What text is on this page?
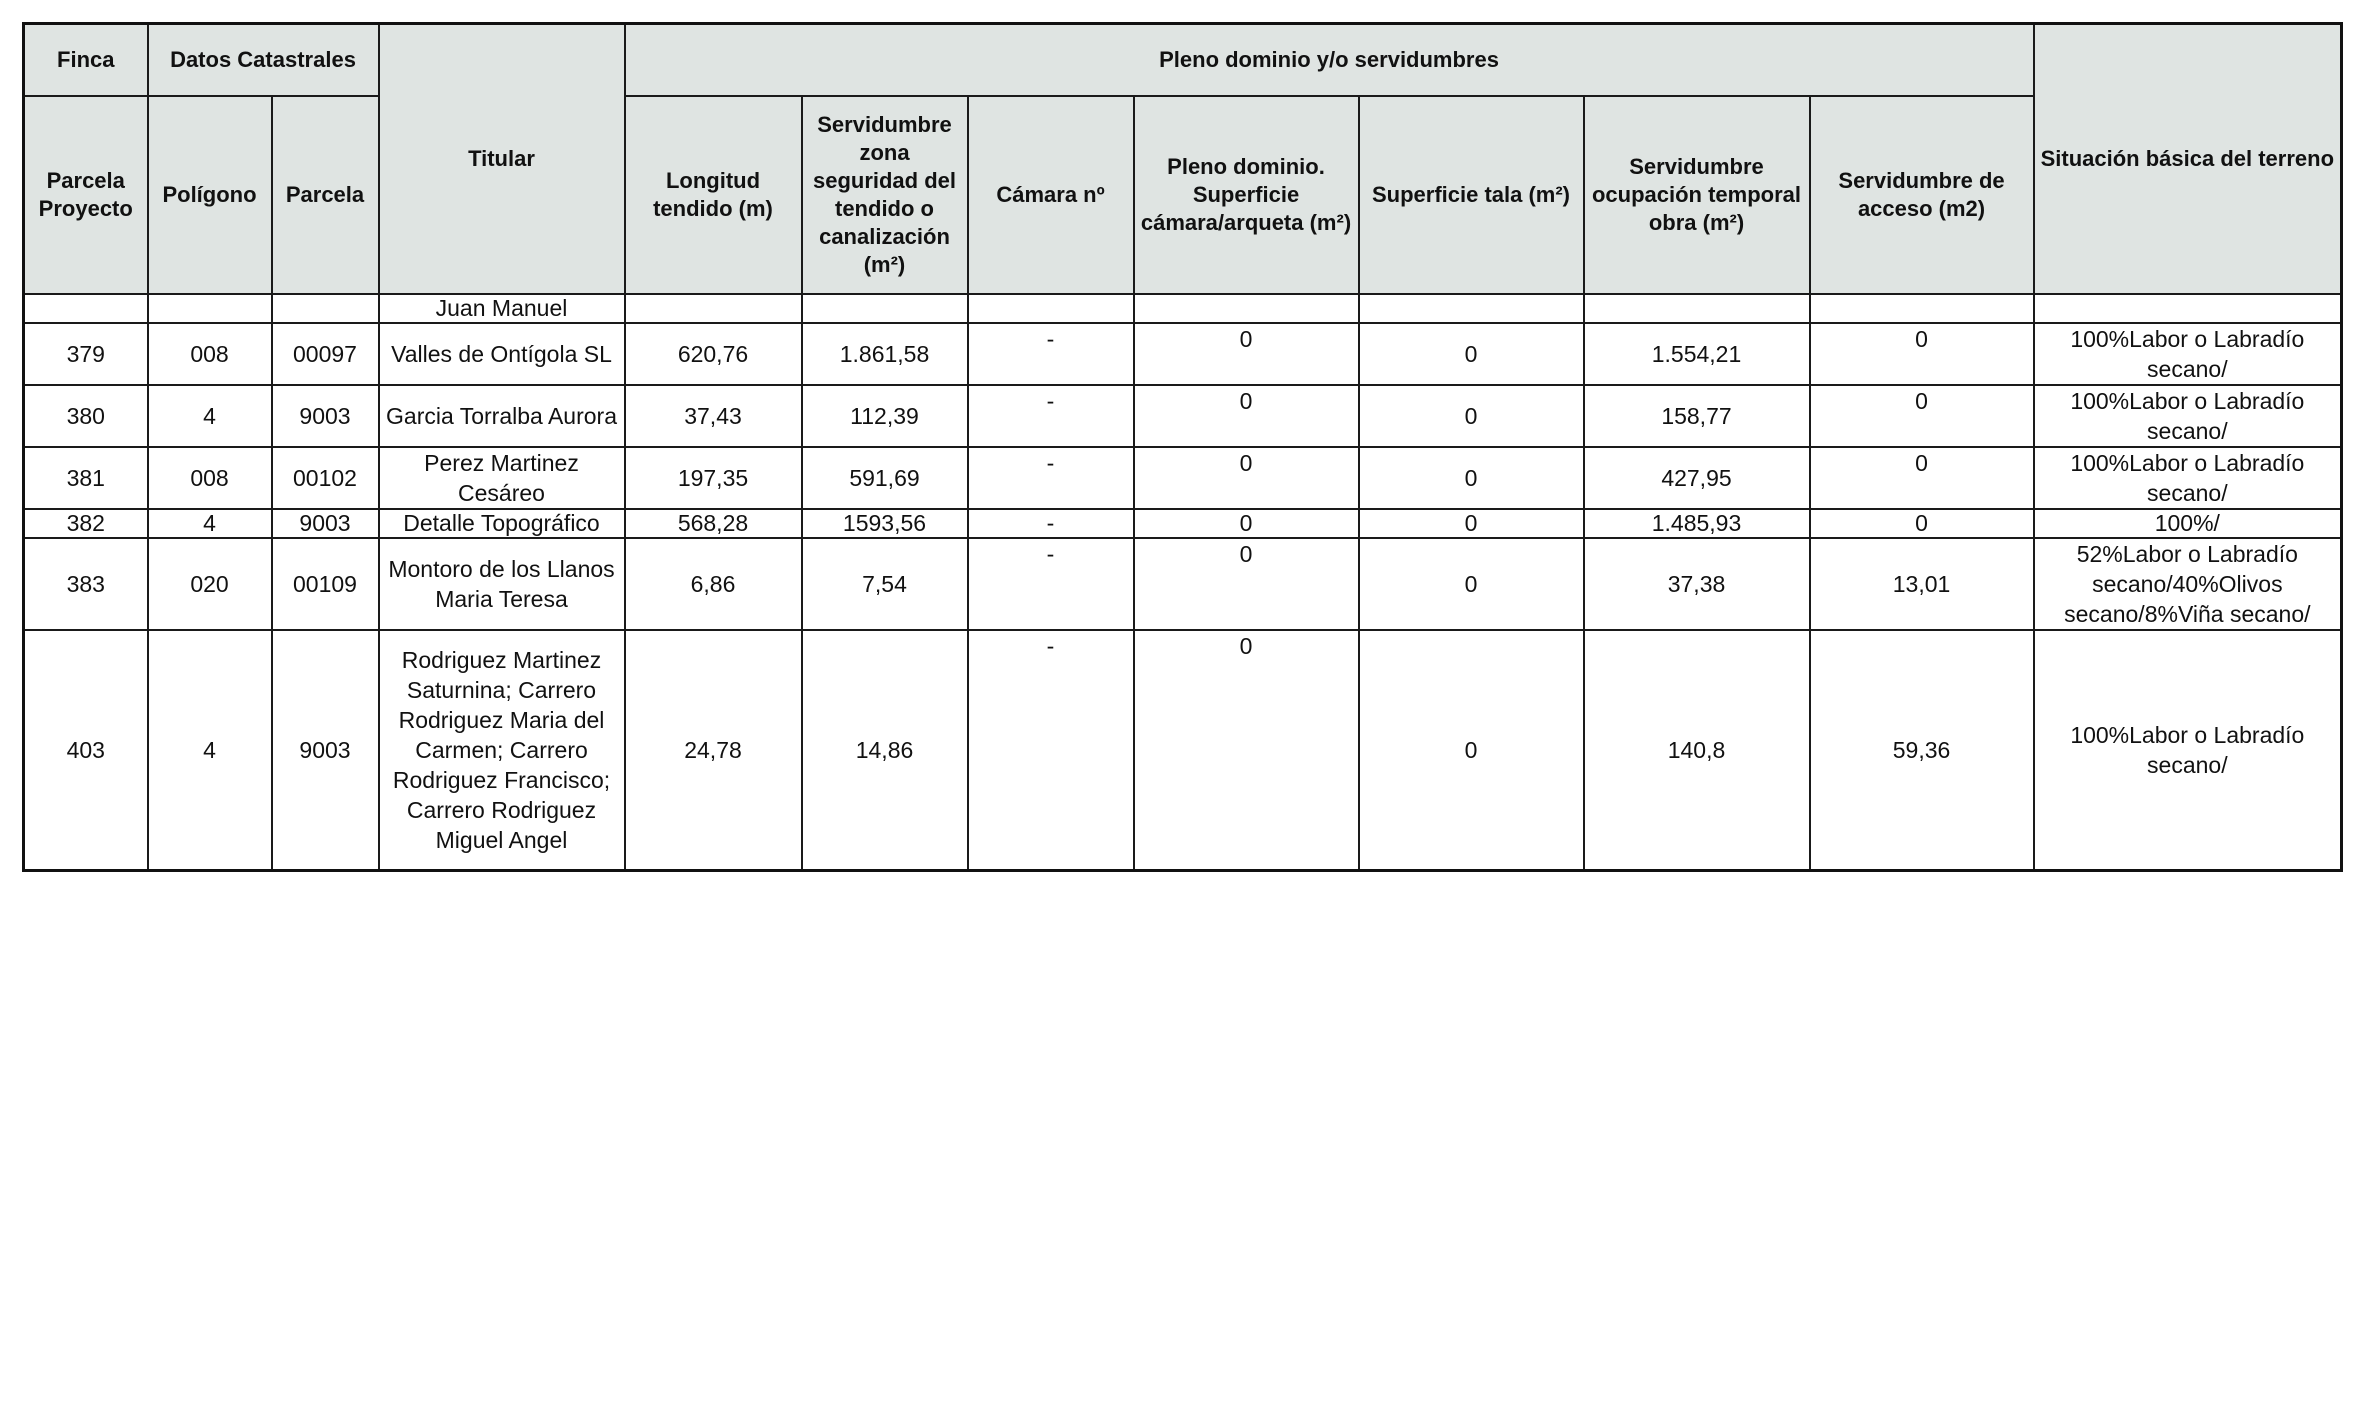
Finca	Datos Catastrales		Titular	Pleno dominio y/o servidumbres							Situación básica del terreno
Parcela Proyecto	Polígono	Parcela		Longitud tendido (m)	Servidumbre zona seguridad del tendido o canalización (m²)	Cámara nº	Pleno dominio. Superficie cámara/arqueta (m²)	Superficie tala (m²)	Servidumbre ocupación temporal obra (m²)	Servidumbre de acceso (m2)	
			Juan Manuel								
379	008	00097	Valles de Ontígola SL	620,76	1.861,58	-	0	0	1.554,21	0	100%Labor o Labradío secano/
380	4	9003	Garcia Torralba Aurora	37,43	112,39	-	0	0	158,77	0	100%Labor o Labradío secano/
381	008	00102	Perez Martinez Cesáreo	197,35	591,69	-	0	0	427,95	0	100%Labor o Labradío secano/
382	4	9003	Detalle Topográfico	568,28	1593,56	-	0	0	1.485,93	0	100%/
383	020	00109	Montoro de los Llanos Maria Teresa	6,86	7,54	-	0	0	37,38	13,01	52%Labor o Labradío secano/40%Olivos secano/8%Viña secano/
403	4	9003	Rodriguez Martinez Saturnina; Carrero Rodriguez Maria del Carmen; Carrero Rodriguez Francisco; Carrero Rodriguez Miguel Angel	24,78	14,86	-	0	0	140,8	59,36	100%Labor o Labradío secano/
